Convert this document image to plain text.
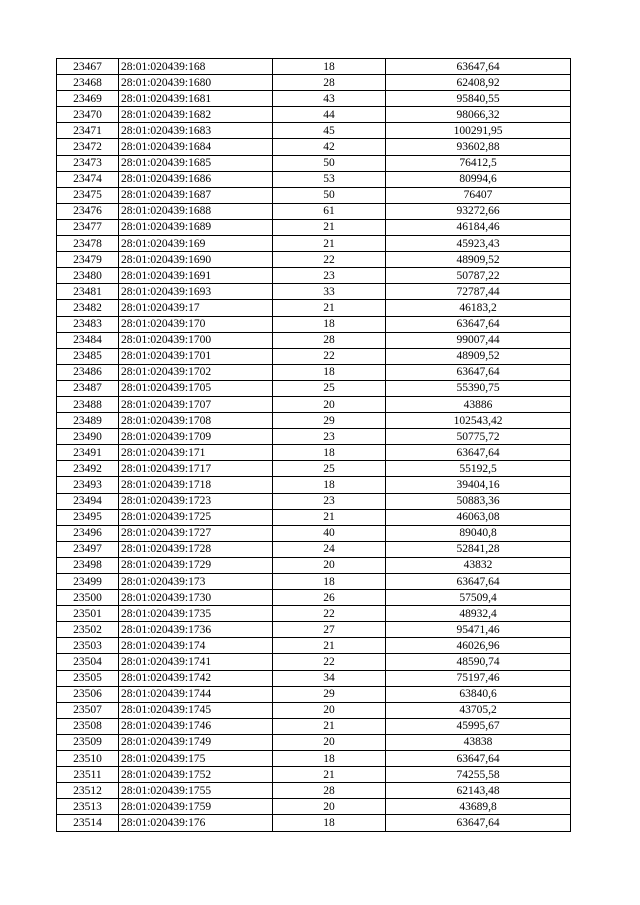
23467	28:01:020439:168	18	63647,64
23468	28:01:020439:1680	28	62408,92
23469	28:01:020439:1681	43	95840,55
23470	28:01:020439:1682	44	98066,32
23471	28:01:020439:1683	45	100291,95
23472	28:01:020439:1684	42	93602,88
23473	28:01:020439:1685	50	76412,5
23474	28:01:020439:1686	53	80994,6
23475	28:01:020439:1687	50	76407
23476	28:01:020439:1688	61	93272,66
23477	28:01:020439:1689	21	46184,46
23478	28:01:020439:169	21	45923,43
23479	28:01:020439:1690	22	48909,52
23480	28:01:020439:1691	23	50787,22
23481	28:01:020439:1693	33	72787,44
23482	28:01:020439:17	21	46183,2
23483	28:01:020439:170	18	63647,64
23484	28:01:020439:1700	28	99007,44
23485	28:01:020439:1701	22	48909,52
23486	28:01:020439:1702	18	63647,64
23487	28:01:020439:1705	25	55390,75
23488	28:01:020439:1707	20	43886
23489	28:01:020439:1708	29	102543,42
23490	28:01:020439:1709	23	50775,72
23491	28:01:020439:171	18	63647,64
23492	28:01:020439:1717	25	55192,5
23493	28:01:020439:1718	18	39404,16
23494	28:01:020439:1723	23	50883,36
23495	28:01:020439:1725	21	46063,08
23496	28:01:020439:1727	40	89040,8
23497	28:01:020439:1728	24	52841,28
23498	28:01:020439:1729	20	43832
23499	28:01:020439:173	18	63647,64
23500	28:01:020439:1730	26	57509,4
23501	28:01:020439:1735	22	48932,4
23502	28:01:020439:1736	27	95471,46
23503	28:01:020439:174	21	46026,96
23504	28:01:020439:1741	22	48590,74
23505	28:01:020439:1742	34	75197,46
23506	28:01:020439:1744	29	63840,6
23507	28:01:020439:1745	20	43705,2
23508	28:01:020439:1746	21	45995,67
23509	28:01:020439:1749	20	43838
23510	28:01:020439:175	18	63647,64
23511	28:01:020439:1752	21	74255,58
23512	28:01:020439:1755	28	62143,48
23513	28:01:020439:1759	20	43689,8
23514	28:01:020439:176	18	63647,64
